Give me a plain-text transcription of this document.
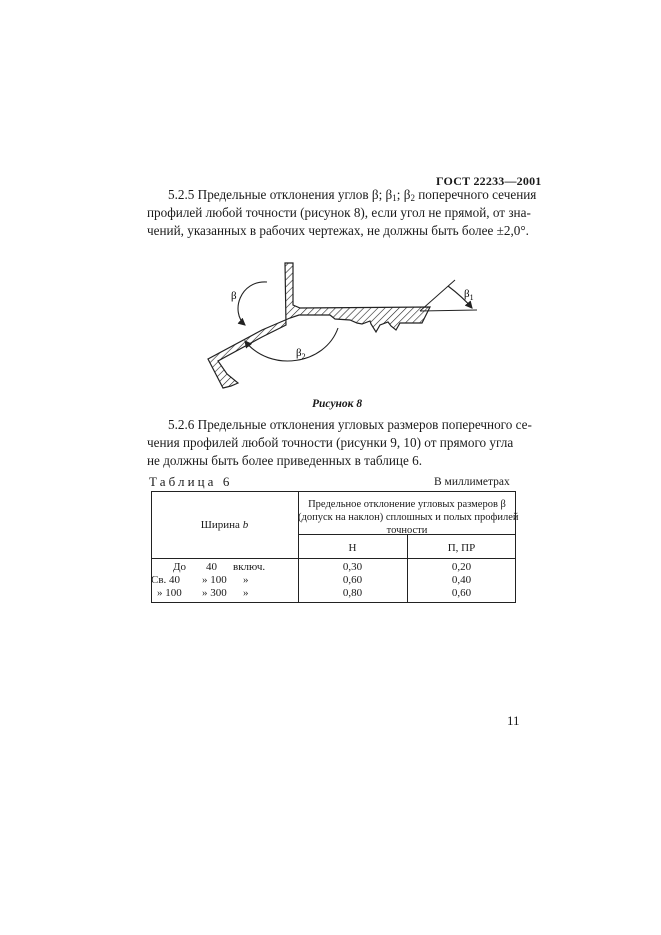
ГОСТ 22233—2001
5.2.5 Предельные отклонения углов β; $\beta_1$; $\beta_2$ поперечного сечения
профилей любой точности (рисунок 8), если угол не прямой, от зна-
чений, указанных в рабочих чертежах, не должны быть более ±2,0°.
β	$\beta_1$
$\beta_2$
Рисунок 8
5.2.6 Предельные отклонения угловых размеров поперечного се-
чения профилей любой точности (рисунки 9, 10) от прямого угла
не должны быть более приведенных в таблице 6.
Таблица 6	В миллиметрах
Ширина b
Предельное отклонение угловых размеров β
(допуск на наклон) сплошных и полых профилей
точности
Н	П, ПР
До 40 включ.	0,30	0,20
Св. 40 » 100 »	0,60	0,40
» 100 » 300 »	0,80	0,60
11
